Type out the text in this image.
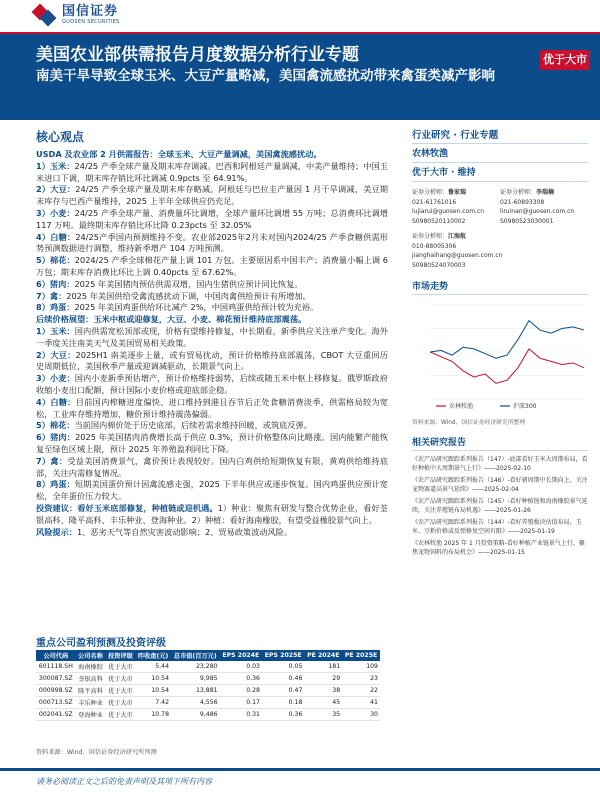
国信证券
GUOSEN SECURITIES
美国农业部供需报告月度数据分析行业专题
南美干旱导致全球玉米、大豆产量略减，美国禽流感扰动带来禽蛋类减产影响
优于大市
核心观点

USDA 及农业部 2 月供需报告：全球玉米、大豆产量调减，美国禽流感扰动。

1）玉米：24/25 产季全球产量及期末库存调减。巴西和阿根廷产量调减，中美产量维持；中国玉米进口下调，期末库存销比环比调减 0.9pcts 至 64.91%。

2）大豆：24/25 产季全球产量及期末库存略减。阿根廷与巴拉圭产量因 1 月干旱调减，美豆期末库存与巴西产量维持，2025 上半年全球供应仍充足。

3）小麦：24/25 产季全球产量、消费量环比调增，全球产量环比调增 55 万吨；总消费环比调增 117 万吨。最终期末库存销比环比降 0.23pcts 至 32.05%

4）白糖：24/25产季国内预测维持不变。农业部2025年2月未对国内2024/25 产季食糖供需形势预测数据进行调整，维持新季增产 104 万吨预测。

5）棉花：2024/25 产季全球棉花产量上调 101 万包。主要原因系中国丰产；消费量小幅上调 6 万包；期末库存消费比环比上调 0.40pcts 至 67.62%。

6）猪肉：2025 年美国猪肉预估供需双增，国内生猪供应预计同比恢复。

7）禽：2025 年美国供给受禽流感扰动下调，中国肉禽供给预计有所增加。

8）鸡蛋：2025 年美国鸡蛋供给环比减产 2%，中国鸡蛋供给预计较为充裕。

后续价格展望：玉米中枢或迎修复，大豆、小麦、棉花预计维持底部震荡。

1）玉米：国内供需宽松顶部或现，价格有望维持修复，中长期看，新季供应关注单产变化。海外一季度关注南美天气及美国贸易相关政策。

2）大豆：2025H1 南美逐步上量，或有贸易扰动，预计价格维持底部震荡，CBOT 大豆重回历史周期低位，美国秋季产量或迎调减驱动，长期景气向上。

3）小麦：国内小麦新季预估增产，预计价格维持弱势，后续或随玉米中枢上移修复。俄罗斯政府收缩小麦出口配额，预计国际小麦价格或迎底部企稳。

4）白糖：目前国内榨糖进度偏快、进口维持到港且吞节后正处食糖消费淡季，供需格局较为宽松，工业库存维持增加，糖价预计维持震荡偏弱。

5）棉花：当前国内棉价处于历史底部，后续若需求维持回暖，或筑底反弹。

6）猪肉：2025 年美国猪肉消费增长高于供应 0.3%，预计价格整体向比略涨。国内能繁产能恢复至绿色区域上限，预计 2025 年养殖盈利同比下降。

7）禽：受益美国消费景气，禽价预计表现较好。国内白鸡供给短期恢复有限，黄鸡供给维持底部，关注内需修复情况。

8）鸡蛋：短期美国蛋价预计因禽流感走强，2025 下半年供应或逐步恢复。国内鸡蛋供应预计宽松，全年蛋价压力较大。

投资建议：看好玉米底部修复，种植链或迎机遇。1）种业：聚焦有研发与整合优势企业，看好荃银高科、隆平高科、丰乐种业、登海种业。2）种植：看好海南橡胶，有望受益橡胶景气向上。

风险提示：1、恶劣天气等自然灾害波动影响；2、贸易政策波动风险。

重点公司盈利预测及投资评级
公司代码	公司名称	投资评级	昨收盘(元)	总市值(百万元)	EPS 2024E	EPS 2025E	PE 2024E	PE 2025E
601118.SH	海南橡胶	优于大市	5.44	23,280	0.03	0.05	181	109
300087.SZ	荃银高科	优于大市	10.54	9,985	0.36	0.46	29	23
000998.SZ	隆平高科	优于大市	10.54	13,881	0.28	0.47	38	22
000713.SZ	丰乐种业	优于大市	7.42	4,556	0.17	0.18	45	41
002041.SZ	登海种业	优于大市	10.78	9,486	0.31	0.36	35	30
资料来源：Wind、国信证券经济研究所预测
行业研究 · 行业专题
农林牧渔
优于大市 · 维持
证券分析师：鲁家瑞

021-61761016
lujiarui@guosen.com.cn
S0980520110002
证券分析师：李瑞楠

021-60893308
liruinan@guosen.com.cn
S0980523030001
证券分析师：江海航

010-88005306
jianghaihang@guosen.com.cn
S0980524070003
市场走势
农林牧渔	沪深300
资料来源：Wind、国信证券经济研究所整理
相关研究报告
《农产品研究跟踪系列报告（147）-底部看好玉米大周期布局，看好种植中大周期景气上行》——2025-02-10
《农产品研究跟踪系列报告（146）-看好猪周期中长期向上，关注宠物赛道高景气延续》——2025-02-04
《农产品研究跟踪系列报告（145）-看好种植链和海南橡胶景气延续，关注养殖链布局机遇》——2025-01-26
《农产品研究跟踪系列报告（144）-看好养殖板块估值布局，玉米、豆粕价格或反弹修复空间有限》——2025-01-19
《农林牧渔 2025 年 1 月投资策略-看好种植产业链景气上行，聚焦宠物饲料的布局机会》——2025-01-15
请务必阅读正文之后的免责声明及其项下所有内容
